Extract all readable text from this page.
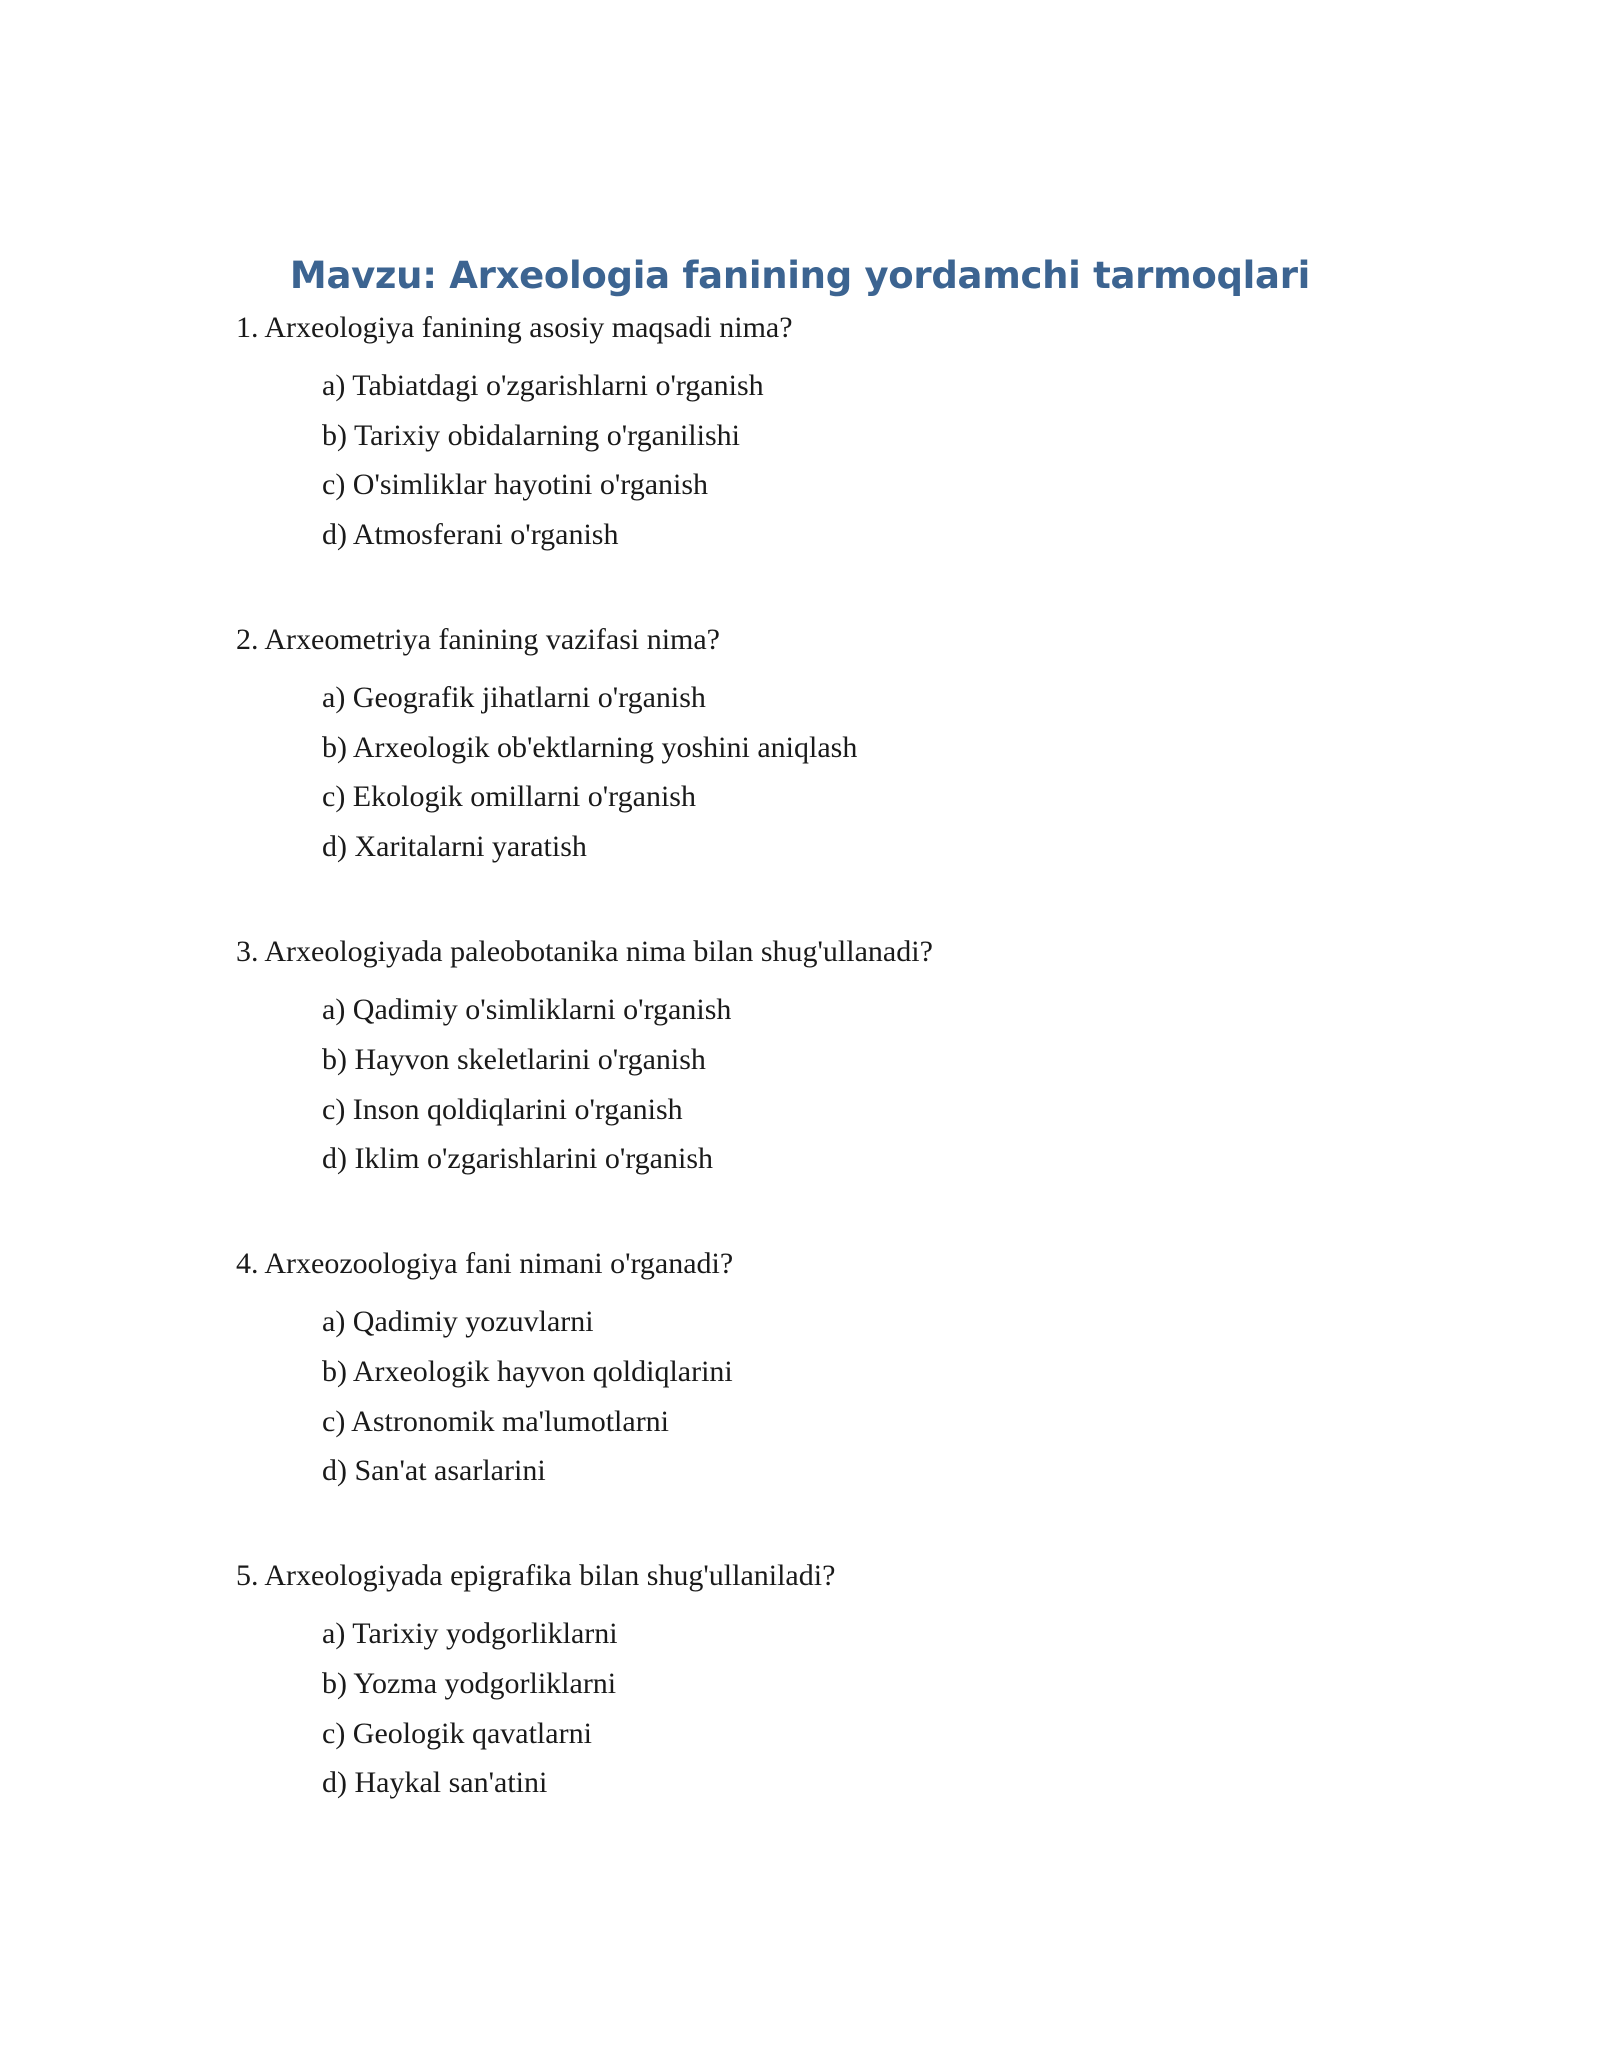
Mavzu: Arxeologia fanining yordamchi tarmoqlari
1. Arxeologiya fanining asosiy maqsadi nima?
a) Tabiatdagi o'zgarishlarni o'rganish
b) Tarixiy obidalarning o'rganilishi
c) O'simliklar hayotini o'rganish
d) Atmosferani o'rganish
2. Arxeometriya fanining vazifasi nima?
a) Geografik jihatlarni o'rganish
b) Arxeologik ob'ektlarning yoshini aniqlash
c) Ekologik omillarni o'rganish
d) Xaritalarni yaratish
3. Arxeologiyada paleobotanika nima bilan shug'ullanadi?
a) Qadimiy o'simliklarni o'rganish
b) Hayvon skeletlarini o'rganish
c) Inson qoldiqlarini o'rganish
d) Iklim o'zgarishlarini o'rganish
4. Arxeozoologiya fani nimani o'rganadi?
a) Qadimiy yozuvlarni
b) Arxeologik hayvon qoldiqlarini
c) Astronomik ma'lumotlarni
d) San'at asarlarini
5. Arxeologiyada epigrafika bilan shug'ullaniladi?
a) Tarixiy yodgorliklarni
b) Yozma yodgorliklarni
c) Geologik qavatlarni
d) Haykal san'atini
